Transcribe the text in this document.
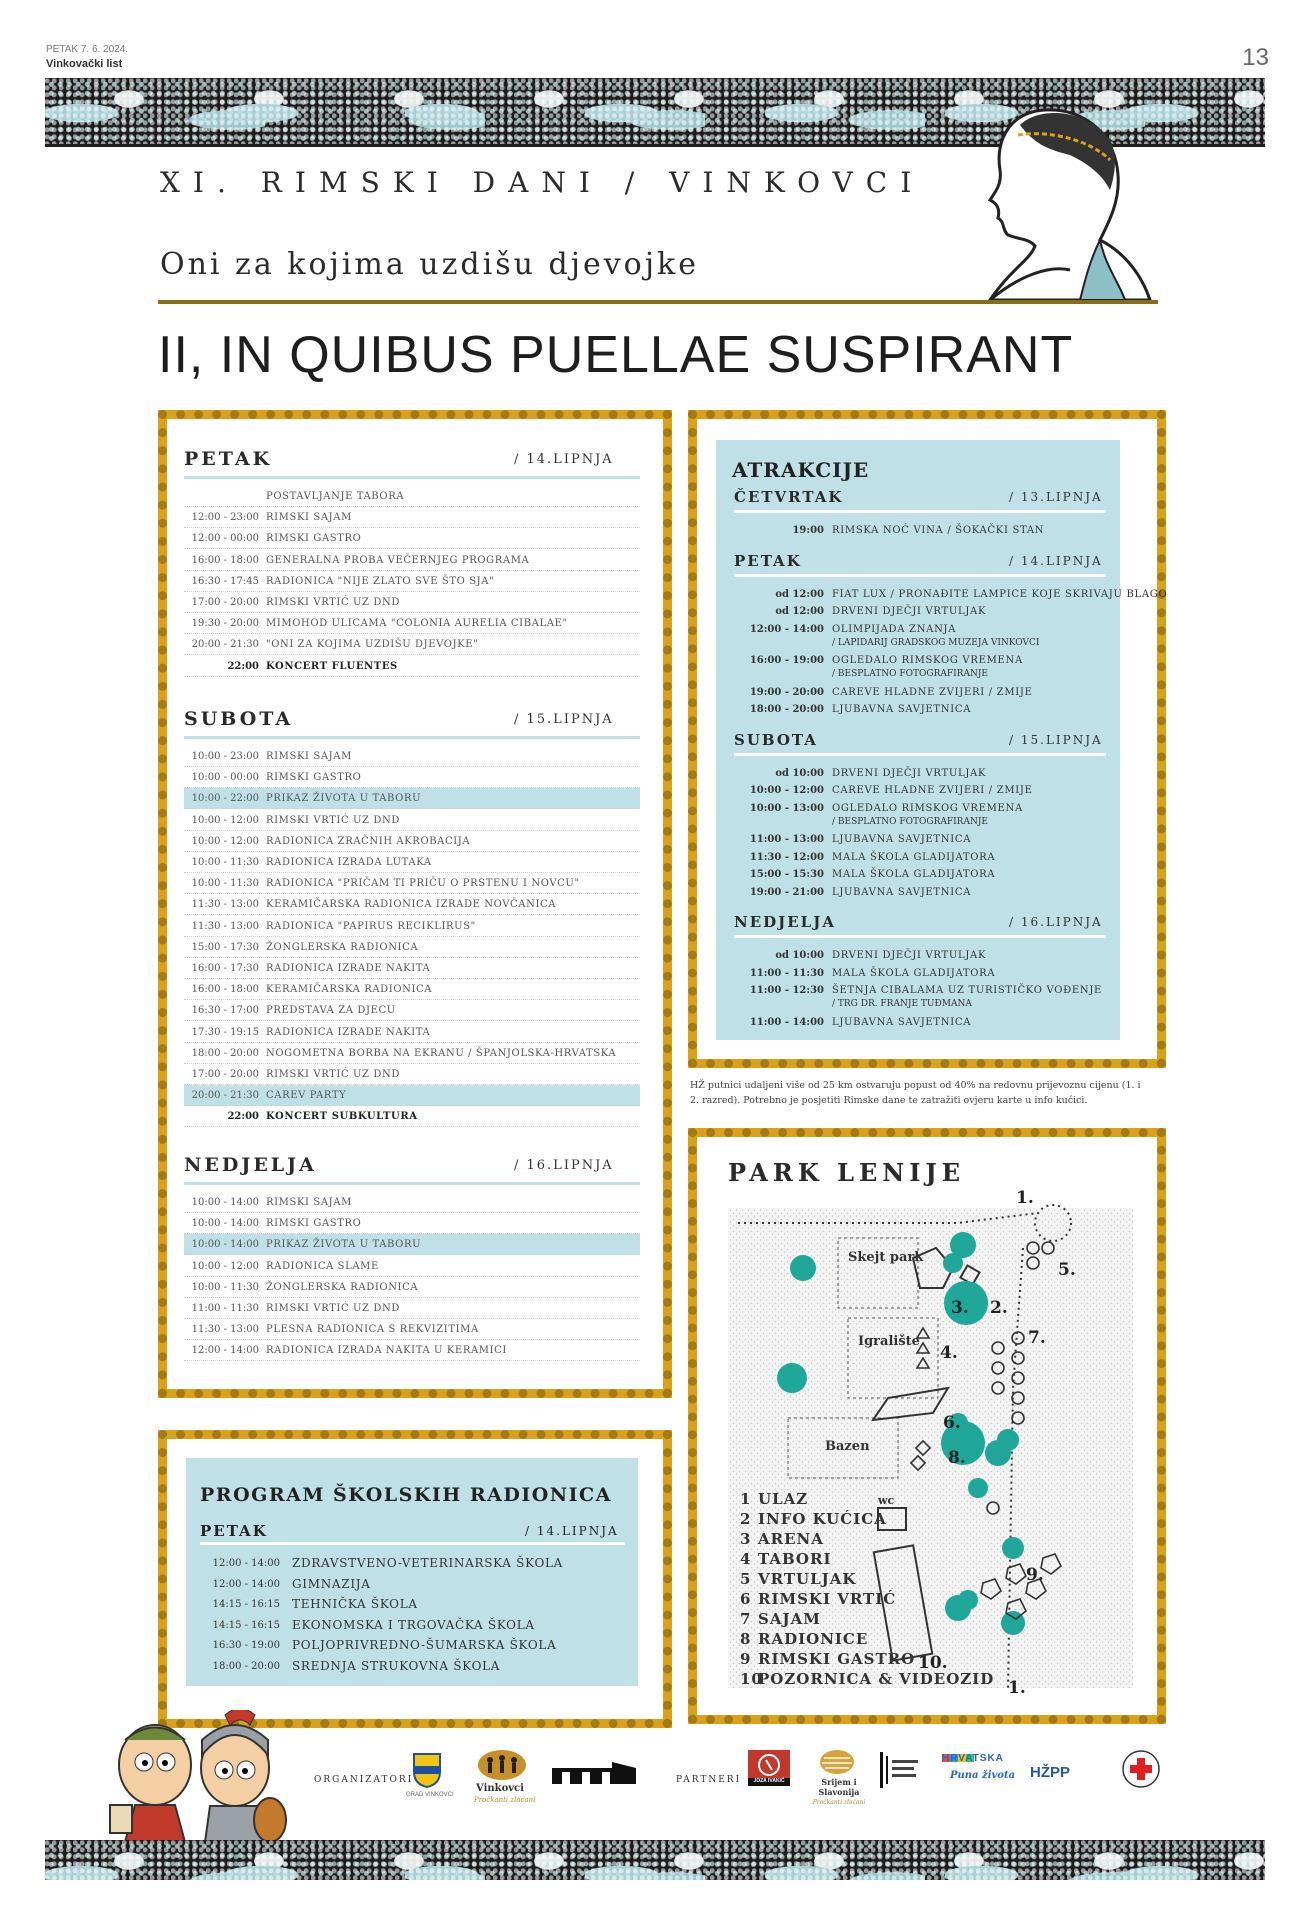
PETAK 7. 6. 2024.
Vinkovački list	13
XI. RIMSKI DANI / VINKOVCI
Oni za kojima uzdišu djevojke
II, IN QUIBUS PUELLAE SUSPIRANT
PETAK	/ 14.LIPNJA
POSTAVLJANJE TABORA
12:00 - 23:00 RIMSKI SAJAM
12:00 - 00:00 RIMSKI GASTRO
16:00 - 18:00 GENERALNA PROBA VEČERNJEG PROGRAMA
16:30 - 17:45 RADIONICA "NIJE ZLATO SVE ŠTO SJA"
17:00 - 20:00 RIMSKI VRTIĆ UZ DND
19:30 - 20:00 MIMOHOD ULICAMA "COLONIA AURELIA CIBALAE"
20:00 - 21:30 "ONI ZA KOJIMA UZDIŠU DJEVOJKE"
22:00 KONCERT FLUENTES
SUBOTA	/ 15.LIPNJA
10:00 - 23:00 RIMSKI SAJAM
10:00 - 00:00 RIMSKI GASTRO
10:00 - 22:00 PRIKAZ ŽIVOTA U TABORU
10:00 - 12:00 RIMSKI VRTIĆ UZ DND
10:00 - 12:00 RADIONICA ZRAČNIH AKROBACIJA
10:00 - 11:30 RADIONICA IZRADA LUTAKA
10:00 - 11:30 RADIONICA "PRIČAM TI PRIČU O PRSTENU I NOVCU"
11:30 - 13:00 KERAMIČARSKA RADIONICA IZRADE NOVČANICA
11:30 - 13:00 RADIONICA "PAPIRUS RECIKLIRUS"
15:00 - 17:30 ŽONGLERSKA RADIONICA
16:00 - 17:30 RADIONICA IZRADE NAKITA
16:00 - 18:00 KERAMIČARSKA RADIONICA
16:30 - 17:00 PREDSTAVA ZA DJECU
17:30 - 19:15 RADIONICA IZRADE NAKITA
18:00 - 20:00 NOGOMETNA BORBA NA EKRANU / ŠPANJOLSKA-HRVATSKA
17:00 - 20:00 RIMSKI VRTIĆ UZ DND
20:00 - 21:30 CAREV PARTY
22:00 KONCERT SUBKULTURA
NEDJELJA	/ 16.LIPNJA
10:00 - 14:00 RIMSKI SAJAM
10:00 - 14:00 RIMSKI GASTRO
10:00 - 14:00 PRIKAZ ŽIVOTA U TABORU
10:00 - 12:00 RADIONICA SLAME
10:00 - 11:30 ŽONGLERSKA RADIONICA
11:00 - 11:30 RIMSKI VRTIĆ UZ DND
11:30 - 13:00 PLESNA RADIONICA S REKVIZITIMA
12:00 - 14:00 RADIONICA IZRADA NAKITA U KERAMICI
ATRAKCIJE
ČETVRTAK	/ 13.LIPNJA
19:00 RIMSKA NOĆ VINA / ŠOKAČKI STAN
PETAK	/ 14.LIPNJA
od 12:00 FIAT LUX / PRONAĐITE LAMPICE KOJE SKRIVAJU BLAGO
od 12:00 DRVENI DJEČJI VRTULJAK
12:00 - 14:00 OLIMPIJADA ZNANJA
/ LAPIDARIJ GRADSKOG MUZEJA VINKOVCI
16:00 - 19:00 OGLEDALO RIMSKOG VREMENA
/ BESPLATNO FOTOGRAFIRANJE
19:00 - 20:00 CAREVE HLADNE ZVIJERI / ZMIJE
18:00 - 20:00 LJUBAVNA SAVJETNICA
SUBOTA	/ 15.LIPNJA
od 10:00 DRVENI DJEČJI VRTULJAK
10:00 - 12:00 CAREVE HLADNE ZVIJERI / ZMIJE
10:00 - 13:00 OGLEDALO RIMSKOG VREMENA
/ BESPLATNO FOTOGRAFIRANJE
11:00 - 13:00 LJUBAVNA SAVJETNICA
11:30 - 12:00 MALA ŠKOLA GLADIJATORA
15:00 - 15:30 MALA ŠKOLA GLADIJATORA
19:00 - 21:00 LJUBAVNA SAVJETNICA
NEDJELJA	/ 16.LIPNJA
od 10:00 DRVENI DJEČJI VRTULJAK
11:00 - 11:30 MALA ŠKOLA GLADIJATORA
11:00 - 12:30 ŠETNJA CIBALAMA UZ TURISTIČKO VOĐENJE
/ TRG DR. FRANJE TUĐMANA
11:00 - 14:00 LJUBAVNA SAVJETNICA
HŽ putnici udaljeni više od 25 km ostvaruju popust od 40% na redovnu prijevoznu cijenu (1. i 2. razred). Potrebno je posjetiti Rimske dane te zatražiti ovjeru karte u info kućici.
PARK LENIJE
Skejt park
Igralište
Bazen
wc
1.
1.
2.
3.
4.
5.
6.
7.
8.
9.
10.
1 ULAZ
2 INFO KUĆICA
3 ARENA
4 TABORI
5 VRTULJAK
6 RIMSKI VRTIĆ
7 SAJAM
8 RADIONICE
9 RIMSKI GASTRO
10POZORNICA & VIDEOZID
PROGRAM ŠKOLSKIH RADIONICA
PETAK	/ 14.LIPNJA
12:00 - 14:00 ZDRAVSTVENO-VETERINARSKA ŠKOLA
12:00 - 14:00 GIMNAZIJA
14:15 - 16:15 TEHNIČKA ŠKOLA
14:15 - 16:15 EKONOMSKA I TRGOVAČKA ŠKOLA
16:30 - 19:00 POLJOPRIVREDNO-ŠUMARSKA ŠKOLA
18:00 - 20:00 SREDNJA STRUKOVNA ŠKOLA
ORGANIZATORI
GRAD VINKOVCI
Vinkovci
Pročkanti zlaćani
PARTNERI	JOZA IVAKIĆ	Srijem i Slavonija
Pročkanti zlaćani
HRVATSKA
Puna života HŽPP
